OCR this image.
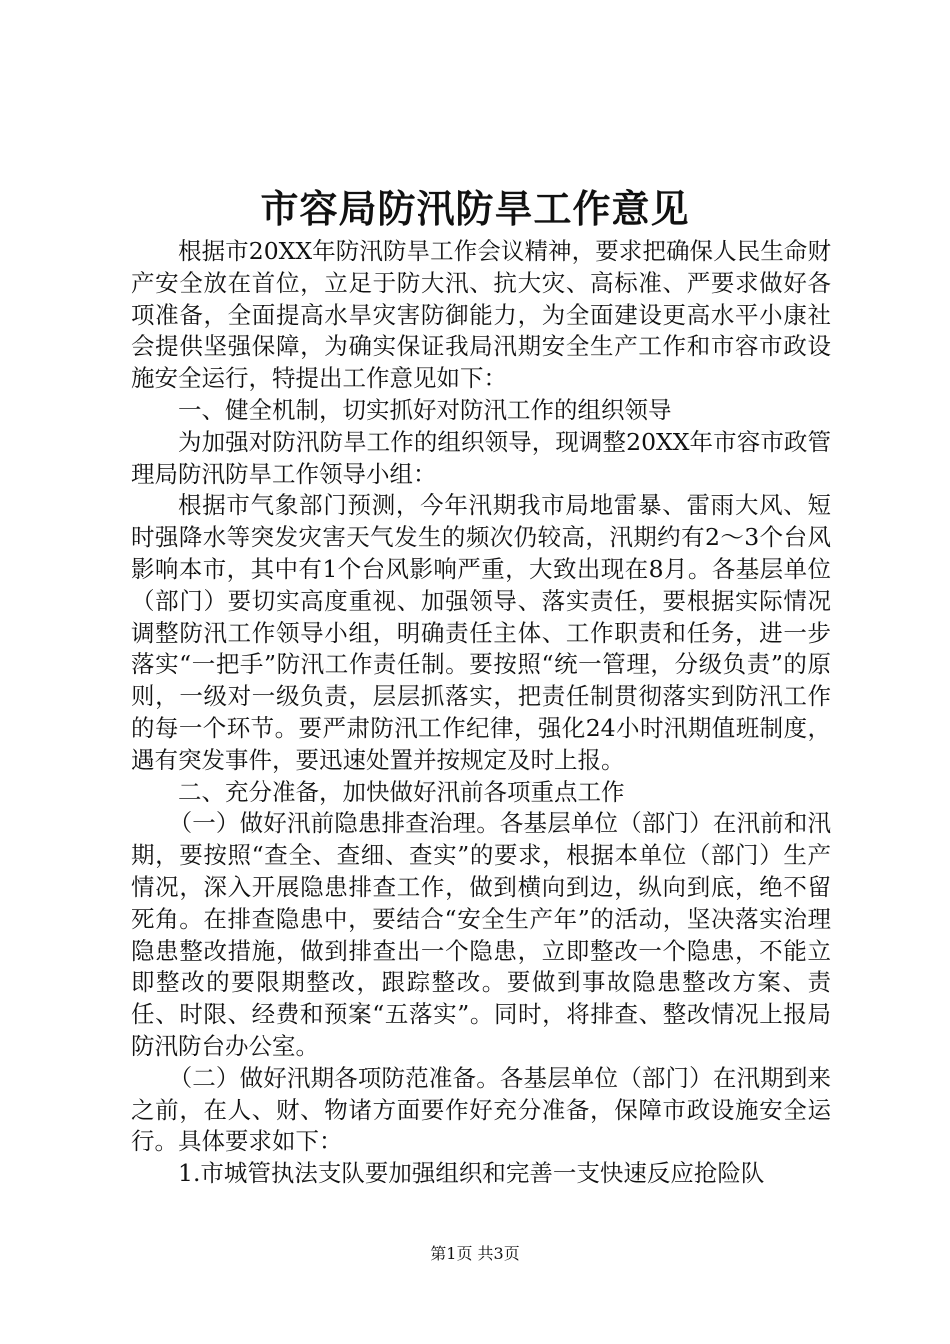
市容局防汛防旱工作意见

根据市20XX年防汛防旱工作会议精神，要求把确保人民生命财产安全放在首位，立足于防大汛、抗大灾、高标准、严要求做好各项准备，全面提高水旱灾害防御能力，为全面建设更高水平小康社会提供坚强保障，为确实保证我局汛期安全生产工作和市容市政设施安全运行，特提出工作意见如下：

一、健全机制，切实抓好对防汛工作的组织领导

为加强对防汛防旱工作的组织领导，现调整20XX年市容市政管理局防汛防旱工作领导小组：

根据市气象部门预测，今年汛期我市局地雷暴、雷雨大风、短时强降水等突发灾害天气发生的频次仍较高，汛期约有2～3个台风影响本市，其中有1个台风影响严重，大致出现在8月。各基层单位（部门）要切实高度重视、加强领导、落实责任，要根据实际情况调整防汛工作领导小组，明确责任主体、工作职责和任务，进一步落实“一把手”防汛工作责任制。要按照“统一管理，分级负责”的原则，一级对一级负责，层层抓落实，把责任制贯彻落实到防汛工作的每一个环节。要严肃防汛工作纪律，强化24小时汛期值班制度，遇有突发事件，要迅速处置并按规定及时上报。

二、充分准备，加快做好汛前各项重点工作

（一）做好汛前隐患排查治理。各基层单位（部门）在汛前和汛期，要按照“查全、查细、查实”的要求，根据本单位（部门）生产情况，深入开展隐患排查工作，做到横向到边，纵向到底，绝不留死角。在排查隐患中，要结合“安全生产年”的活动，坚决落实治理隐患整改措施，做到排查出一个隐患，立即整改一个隐患，不能立即整改的要限期整改，跟踪整改。要做到事故隐患整改方案、责任、时限、经费和预案“五落实”。同时，将排查、整改情况上报局防汛防台办公室。

（二）做好汛期各项防范准备。各基层单位（部门）在汛期到来之前，在人、财、物诸方面要作好充分准备，保障市政设施安全运行。具体要求如下：

1.市城管执法支队要加强组织和完善一支快速反应抢险队

第1页 共3页
